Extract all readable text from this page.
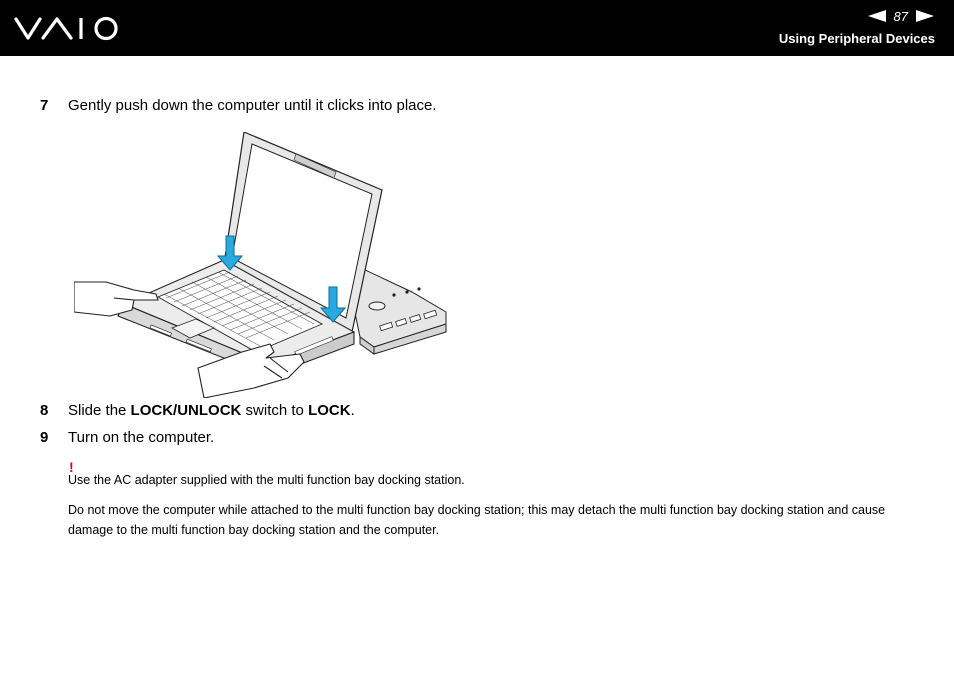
87
Using Peripheral Devices
7 Gently push down the computer until it clicks into place.
8 Slide the LOCK/UNLOCK switch to LOCK.
9 Turn on the computer.
!
Use the AC adapter supplied with the multi function bay docking station.
Do not move the computer while attached to the multi function bay docking station; this may detach the multi function bay docking station and cause damage to the multi function bay docking station and the computer.
